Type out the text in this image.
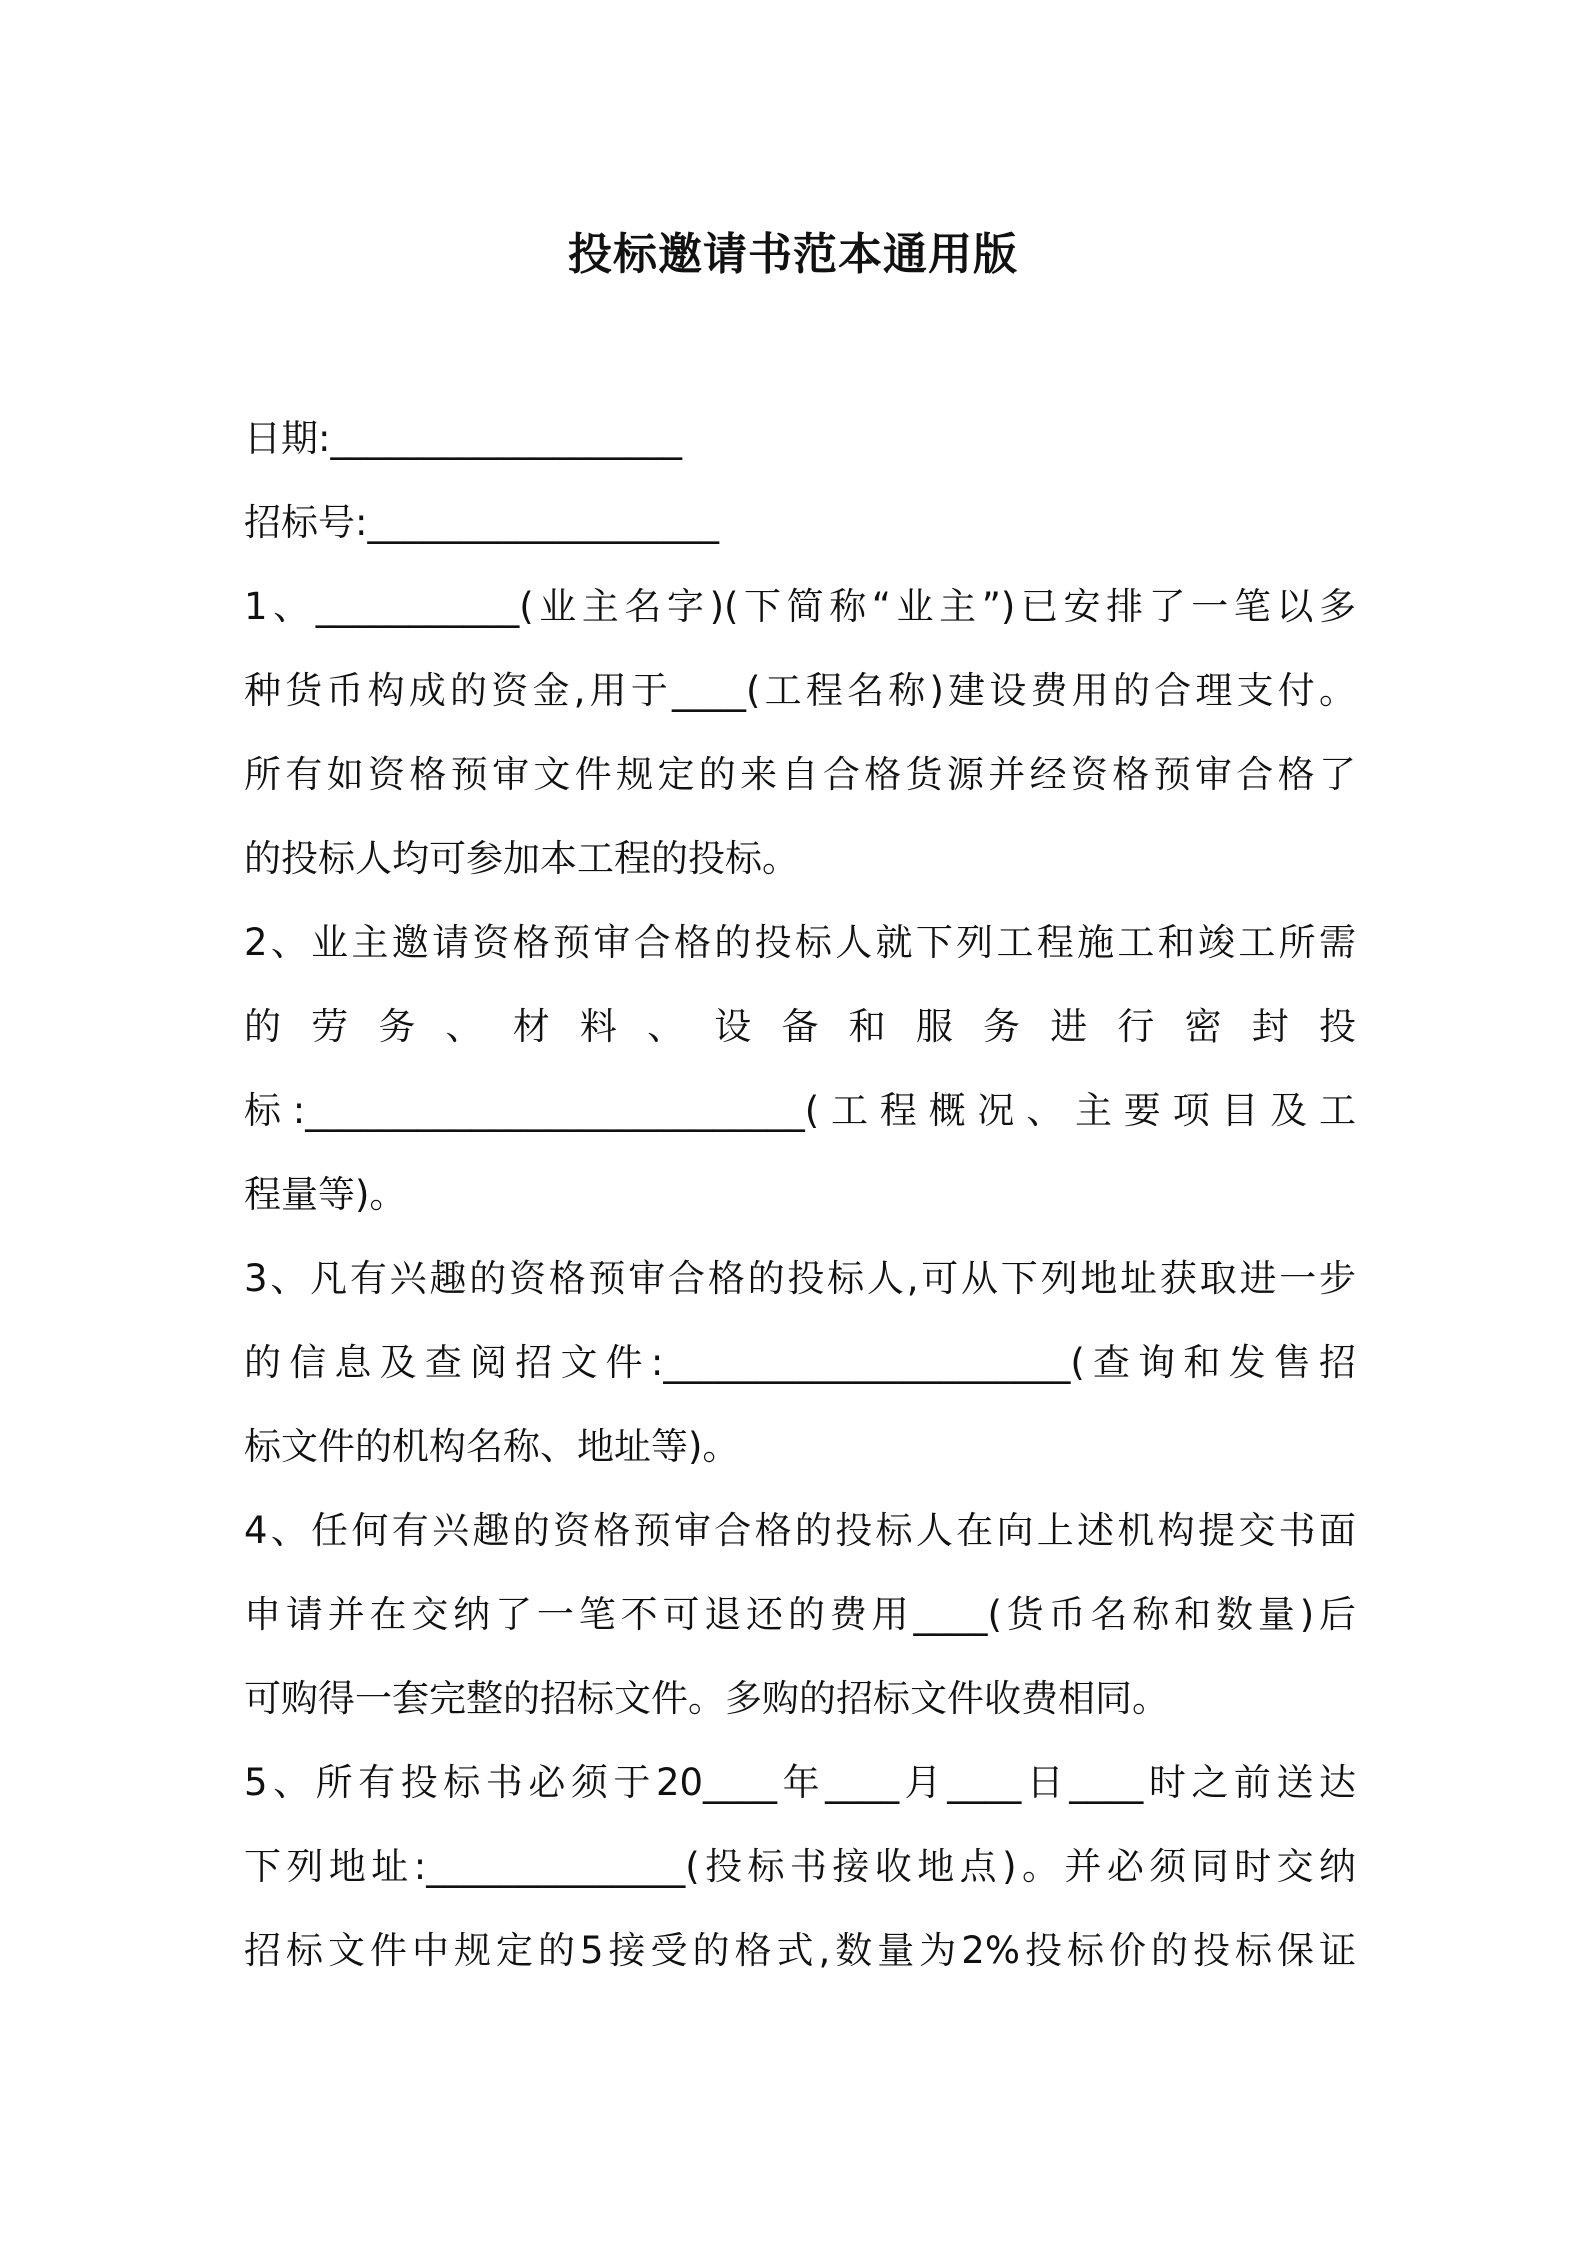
投标邀请书范本通用版
日期:___________________
招标号:___________________
1、___________(业主名字)(下简称“业主”)已安排了一笔以多
种货币构成的资金,用于____(工程名称)建设费用的合理支付。
所有如资格预审文件规定的来自合格货源并经资格预审合格了
的投标人均可参加本工程的投标。
2、业主邀请资格预审合格的投标人就下列工程施工和竣工所需
的劳务、材料、设备和服务进行密封投
标:___________________________(工程概况、主要项目及工
程量等)。
3、凡有兴趣的资格预审合格的投标人,可从下列地址获取进一步
的信息及查阅招文件:______________________(查询和发售招
标文件的机构名称、地址等)。
4、任何有兴趣的资格预审合格的投标人在向上述机构提交书面
申请并在交纳了一笔不可退还的费用____(货币名称和数量)后
可购得一套完整的招标文件。多购的招标文件收费相同。
5、所有投标书必须于20____年____月____日____时之前送达
下列地址:______________(投标书接收地点)。并必须同时交纳
招标文件中规定的5接受的格式,数量为2%投标价的投标保证
